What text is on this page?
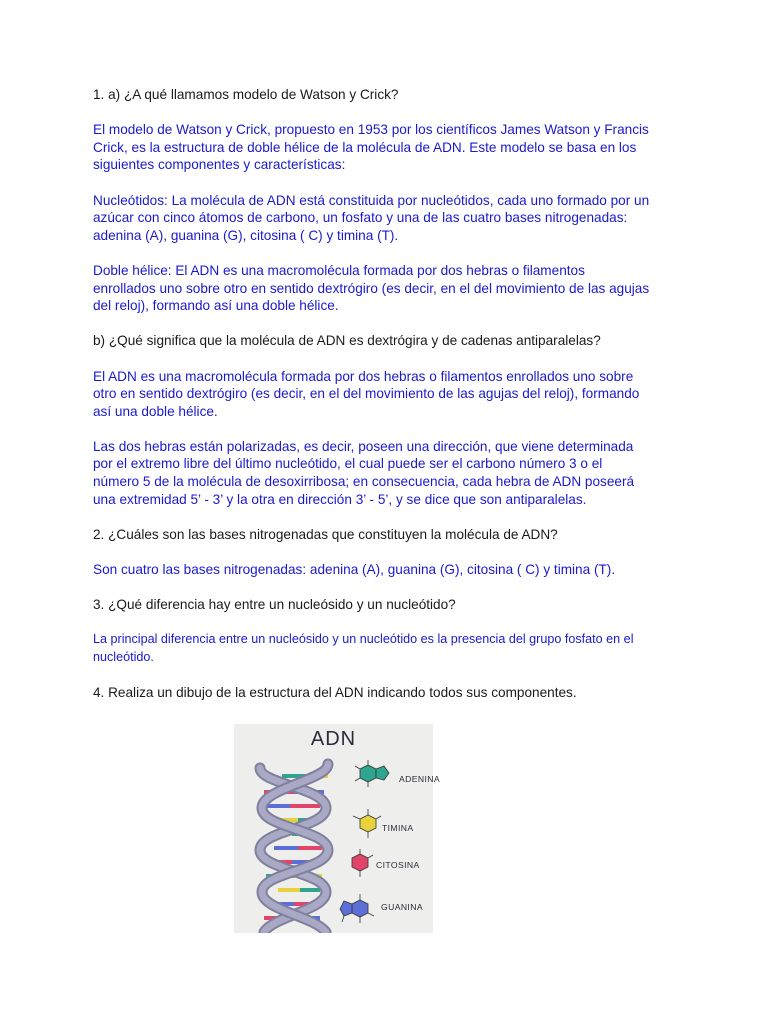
1. a) ¿A qué llamamos modelo de Watson y Crick?

El modelo de Watson y Crick, propuesto en 1953 por los científicos James Watson y Francis
Crick, es la estructura de doble hélice de la molécula de ADN. Este modelo se basa en los
siguientes componentes y características:

Nucleótidos: La molécula de ADN está constituida por nucleótidos, cada uno formado por un
azúcar con cinco átomos de carbono, un fosfato y una de las cuatro bases nitrogenadas:
adenina (A), guanina (G), citosina ( C) y timina (T).

Doble hélice: El ADN es una macromolécula formada por dos hebras o filamentos
enrollados uno sobre otro en sentido dextrógiro (es decir, en el del movimiento de las agujas
del reloj), formando así una doble hélice.

b) ¿Qué significa que la molécula de ADN es dextrógira y de cadenas antiparalelas?

El ADN es una macromolécula formada por dos hebras o filamentos enrollados uno sobre
otro en sentido dextrógiro (es decir, en el del movimiento de las agujas del reloj), formando
así una doble hélice.

Las dos hebras están polarizadas, es decir, poseen una dirección, que viene determinada
por el extremo libre del último nucleótido, el cual puede ser el carbono número 3 o el
número 5 de la molécula de desoxirribosa; en consecuencia, cada hebra de ADN poseerá
una extremidad 5’ - 3’ y la otra en dirección 3’ - 5’, y se dice que son antiparalelas.

2. ¿Cuáles son las bases nitrogenadas que constituyen la molécula de ADN?

Son cuatro las bases nitrogenadas: adenina (A), guanina (G), citosina ( C) y timina (T).

3. ¿Qué diferencia hay entre un nucleósido y un nucleótido?

La principal diferencia entre un nucleósido y un nucleótido es la presencia del grupo fosfato en el
nucleótido.

4. Realiza un dibujo de la estructura del ADN indicando todos sus componentes.

ADN
ADENINA
TIMINA
CITOSINA
GUANINA
